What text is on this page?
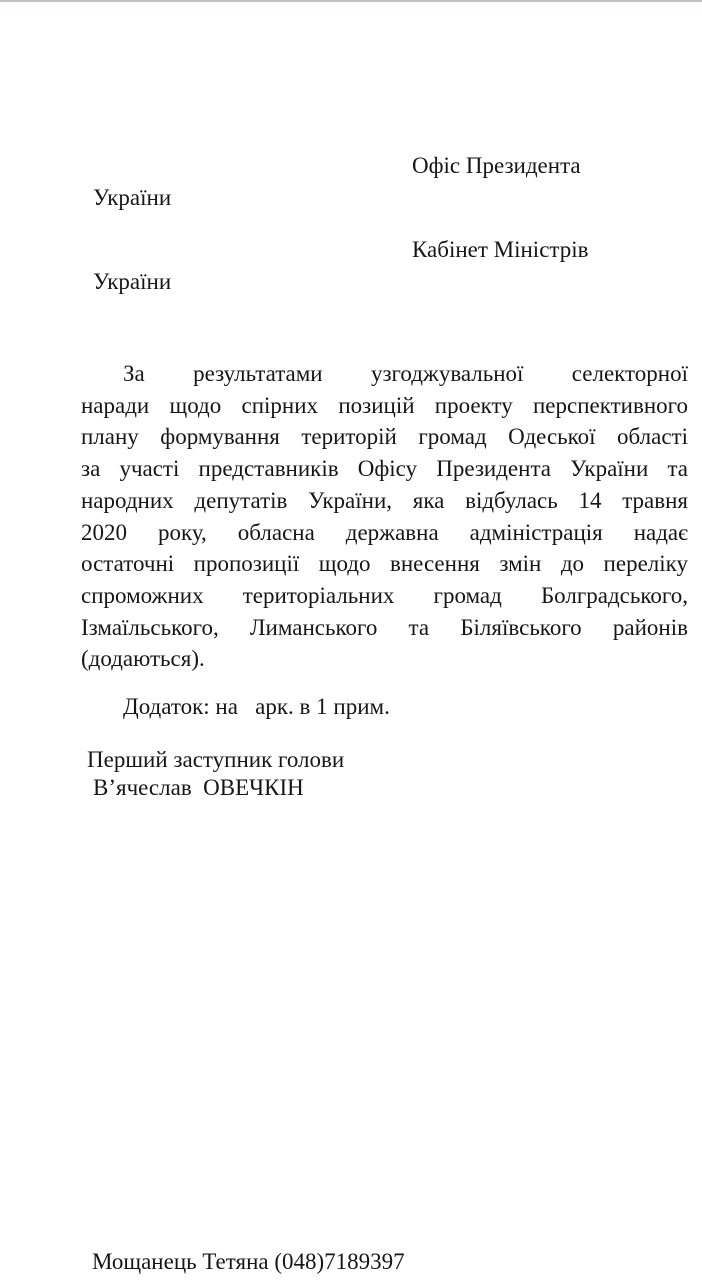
Офіс Президента
України
Кабінет Міністрів
України
За результатами узгоджувальної селекторної
наради щодо спірних позицій проекту перспективного
плану формування територій громад Одеської області
за участі представників Офісу Президента України та
народних депутатів України, яка відбулась 14 травня
2020 року, обласна державна адміністрація надає
остаточні пропозиції щодо внесення змін до переліку
спроможних територіальних громад Болградського,
Ізмаїльського, Лиманського та Біляївського районів
(додаються).
Додаток: на   арк. в 1 прим.
Перший заступник голови
В’ячеслав  ОВЕЧКІН
Мощанець Тетяна (048)7189397
